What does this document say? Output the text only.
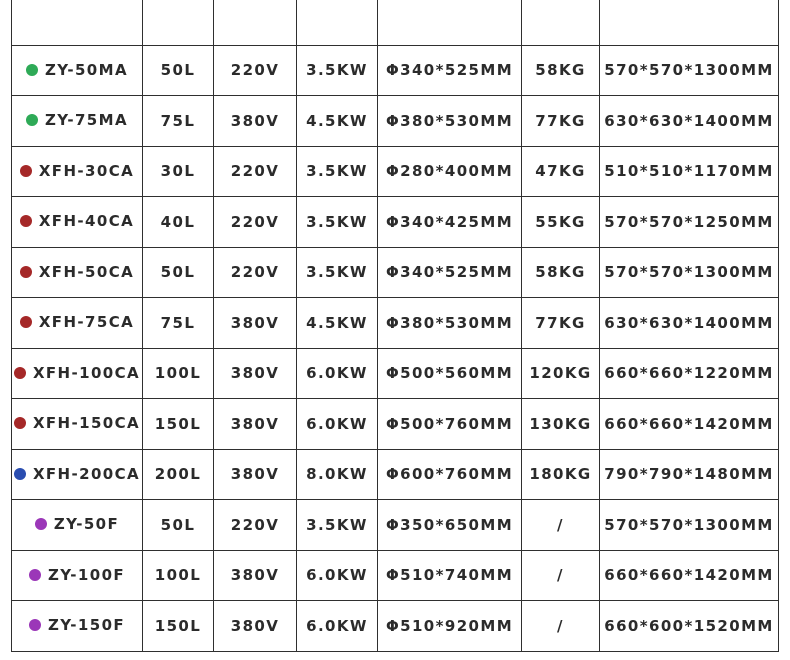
ZY-50MA	50L	220V	3.5KW	Φ340*525MM	58KG	570*570*1300MM

ZY-75MA	75L	380V	4.5KW	Φ380*530MM	77KG	630*630*1400MM

XFH-30CA	30L	220V	3.5KW	Φ280*400MM	47KG	510*510*1170MM

XFH-40CA	40L	220V	3.5KW	Φ340*425MM	55KG	570*570*1250MM

XFH-50CA	50L	220V	3.5KW	Φ340*525MM	58KG	570*570*1300MM

XFH-75CA	75L	380V	4.5KW	Φ380*530MM	77KG	630*630*1400MM

XFH-100CA	100L	380V	6.0KW	Φ500*560MM	120KG	660*660*1220MM

XFH-150CA	150L	380V	6.0KW	Φ500*760MM	130KG	660*660*1420MM

XFH-200CA	200L	380V	8.0KW	Φ600*760MM	180KG	790*790*1480MM

ZY-50F	50L	220V	3.5KW	Φ350*650MM	/	570*570*1300MM

ZY-100F	100L	380V	6.0KW	Φ510*740MM	/	660*660*1420MM

ZY-150F	150L	380V	6.0KW	Φ510*920MM	/	660*600*1520MM
